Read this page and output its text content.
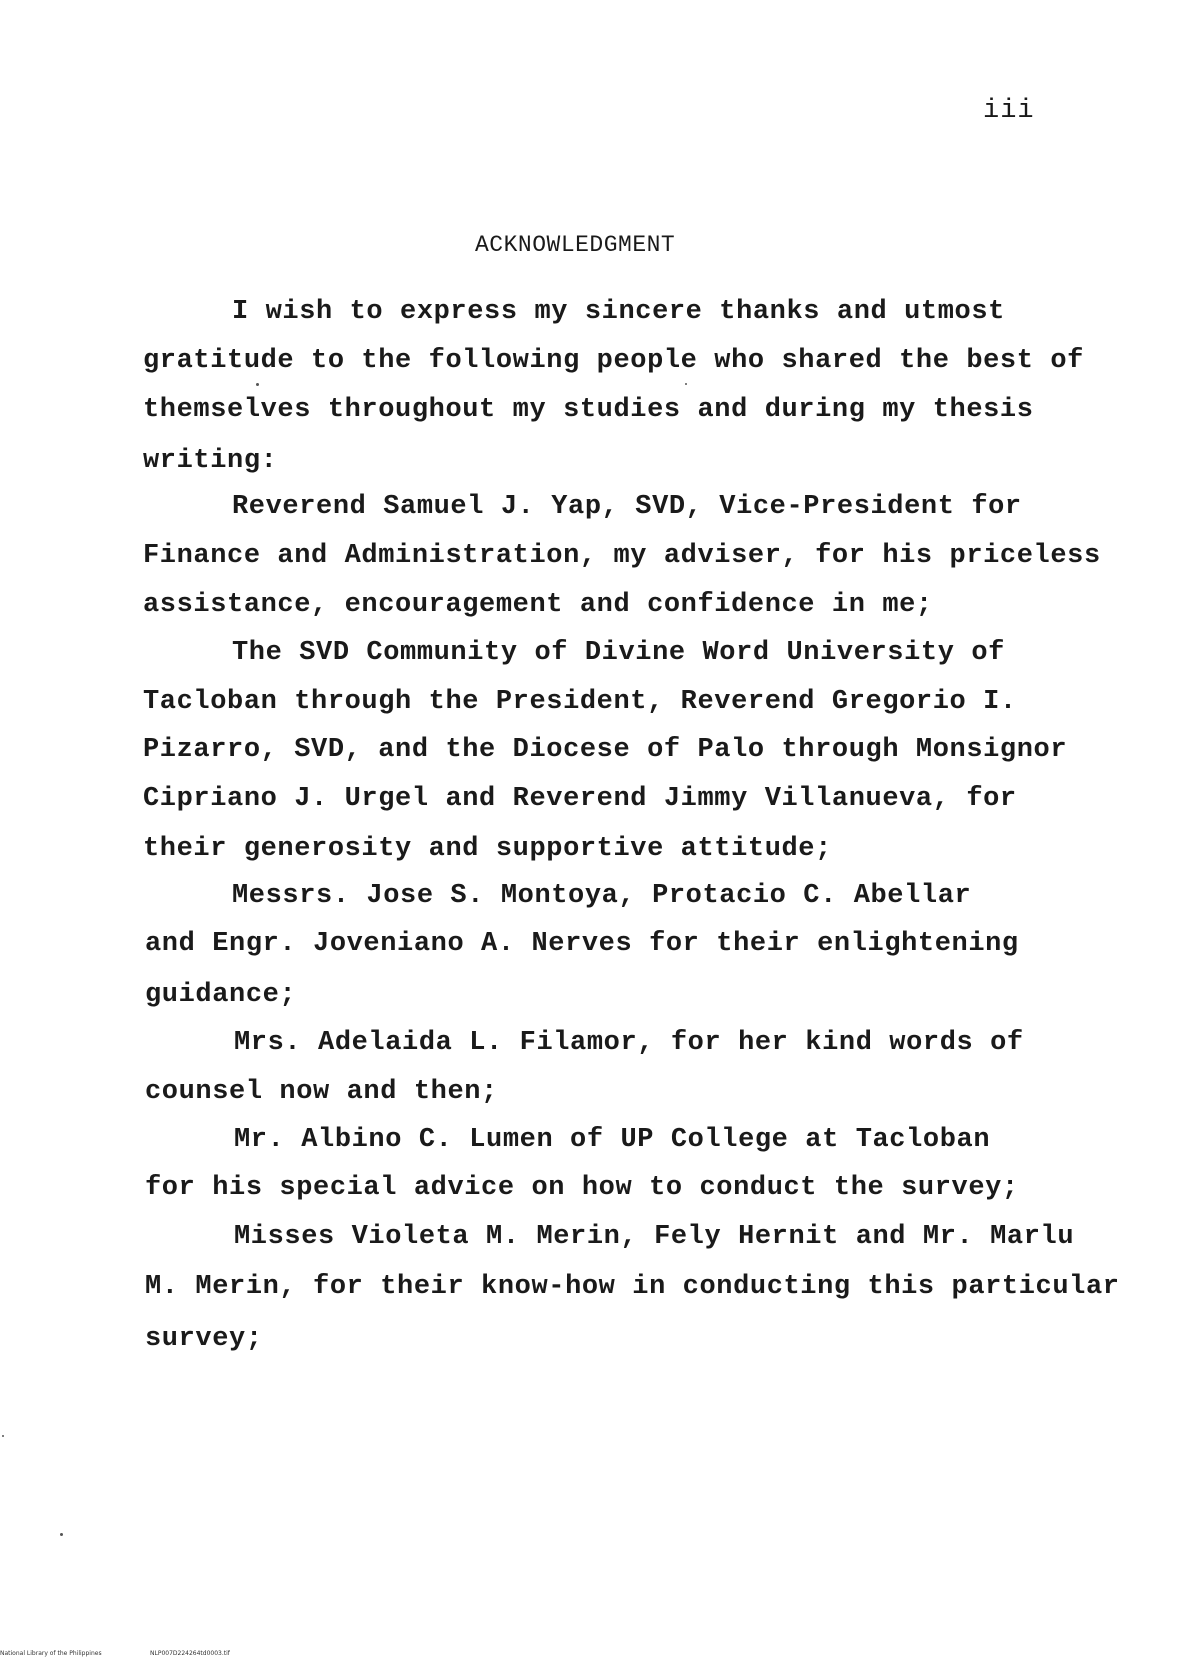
iii
ACKNOWLEDGMENT
I wish to express my sincere thanks and utmost
gratitude to the following people who shared the best of
themselves throughout my studies and during my thesis
writing:
Reverend Samuel J. Yap, SVD, Vice-President for
Finance and Administration, my adviser, for his priceless
assistance, encouragement and confidence in me;
The SVD Community of Divine Word University of
Tacloban through the President, Reverend Gregorio I.
Pizarro, SVD, and the Diocese of Palo through Monsignor
Cipriano J. Urgel and Reverend Jimmy Villanueva, for
their generosity and supportive attitude;
Messrs. Jose S. Montoya, Protacio C. Abellar
and Engr. Joveniano A. Nerves for their enlightening
guidance;
Mrs. Adelaida L. Filamor, for her kind words of
counsel now and then;
Mr. Albino C. Lumen of UP College at Tacloban
for his special advice on how to conduct the survey;
Misses Violeta M. Merin, Fely Hernit and Mr. Marlu
M. Merin, for their know-how in conducting this particular
survey;
National Library of the Philippines	NLP007D224264td0003.tif
